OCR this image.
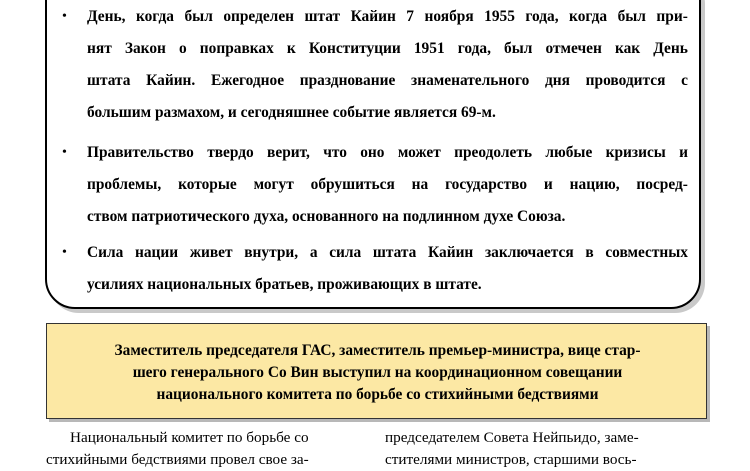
• День, когда был определен штат Кайин 7 ноября 1955 года, когда был при-
нят Закон о поправках к Конституции 1951 года, был отмечен как День
штата Кайин. Ежегодное празднование знаменательного дня проводится с
большим размахом, и сегодняшнее событие является 69-м.
• Правительство твердо верит, что оно может преодолеть любые кризисы и
проблемы, которые могут обрушиться на государство и нацию, посред-
ством патриотического духа, основанного на подлинном духе Союза.
• Сила нации живет внутри, а сила штата Кайин заключается в совместных
усилиях национальных братьев, проживающих в штате.
Заместитель председателя ГАС, заместитель премьер-министра, вице стар-
шего генерального Со Вин выступил на координационном совещании
национального комитета по борьбе со стихийными бедствиями
Национальный комитет по борьбе со
стихийными бедствиями провел свое за-
председателем Совета Нейпьидо, заме-
стителями министров, старшими вось-
